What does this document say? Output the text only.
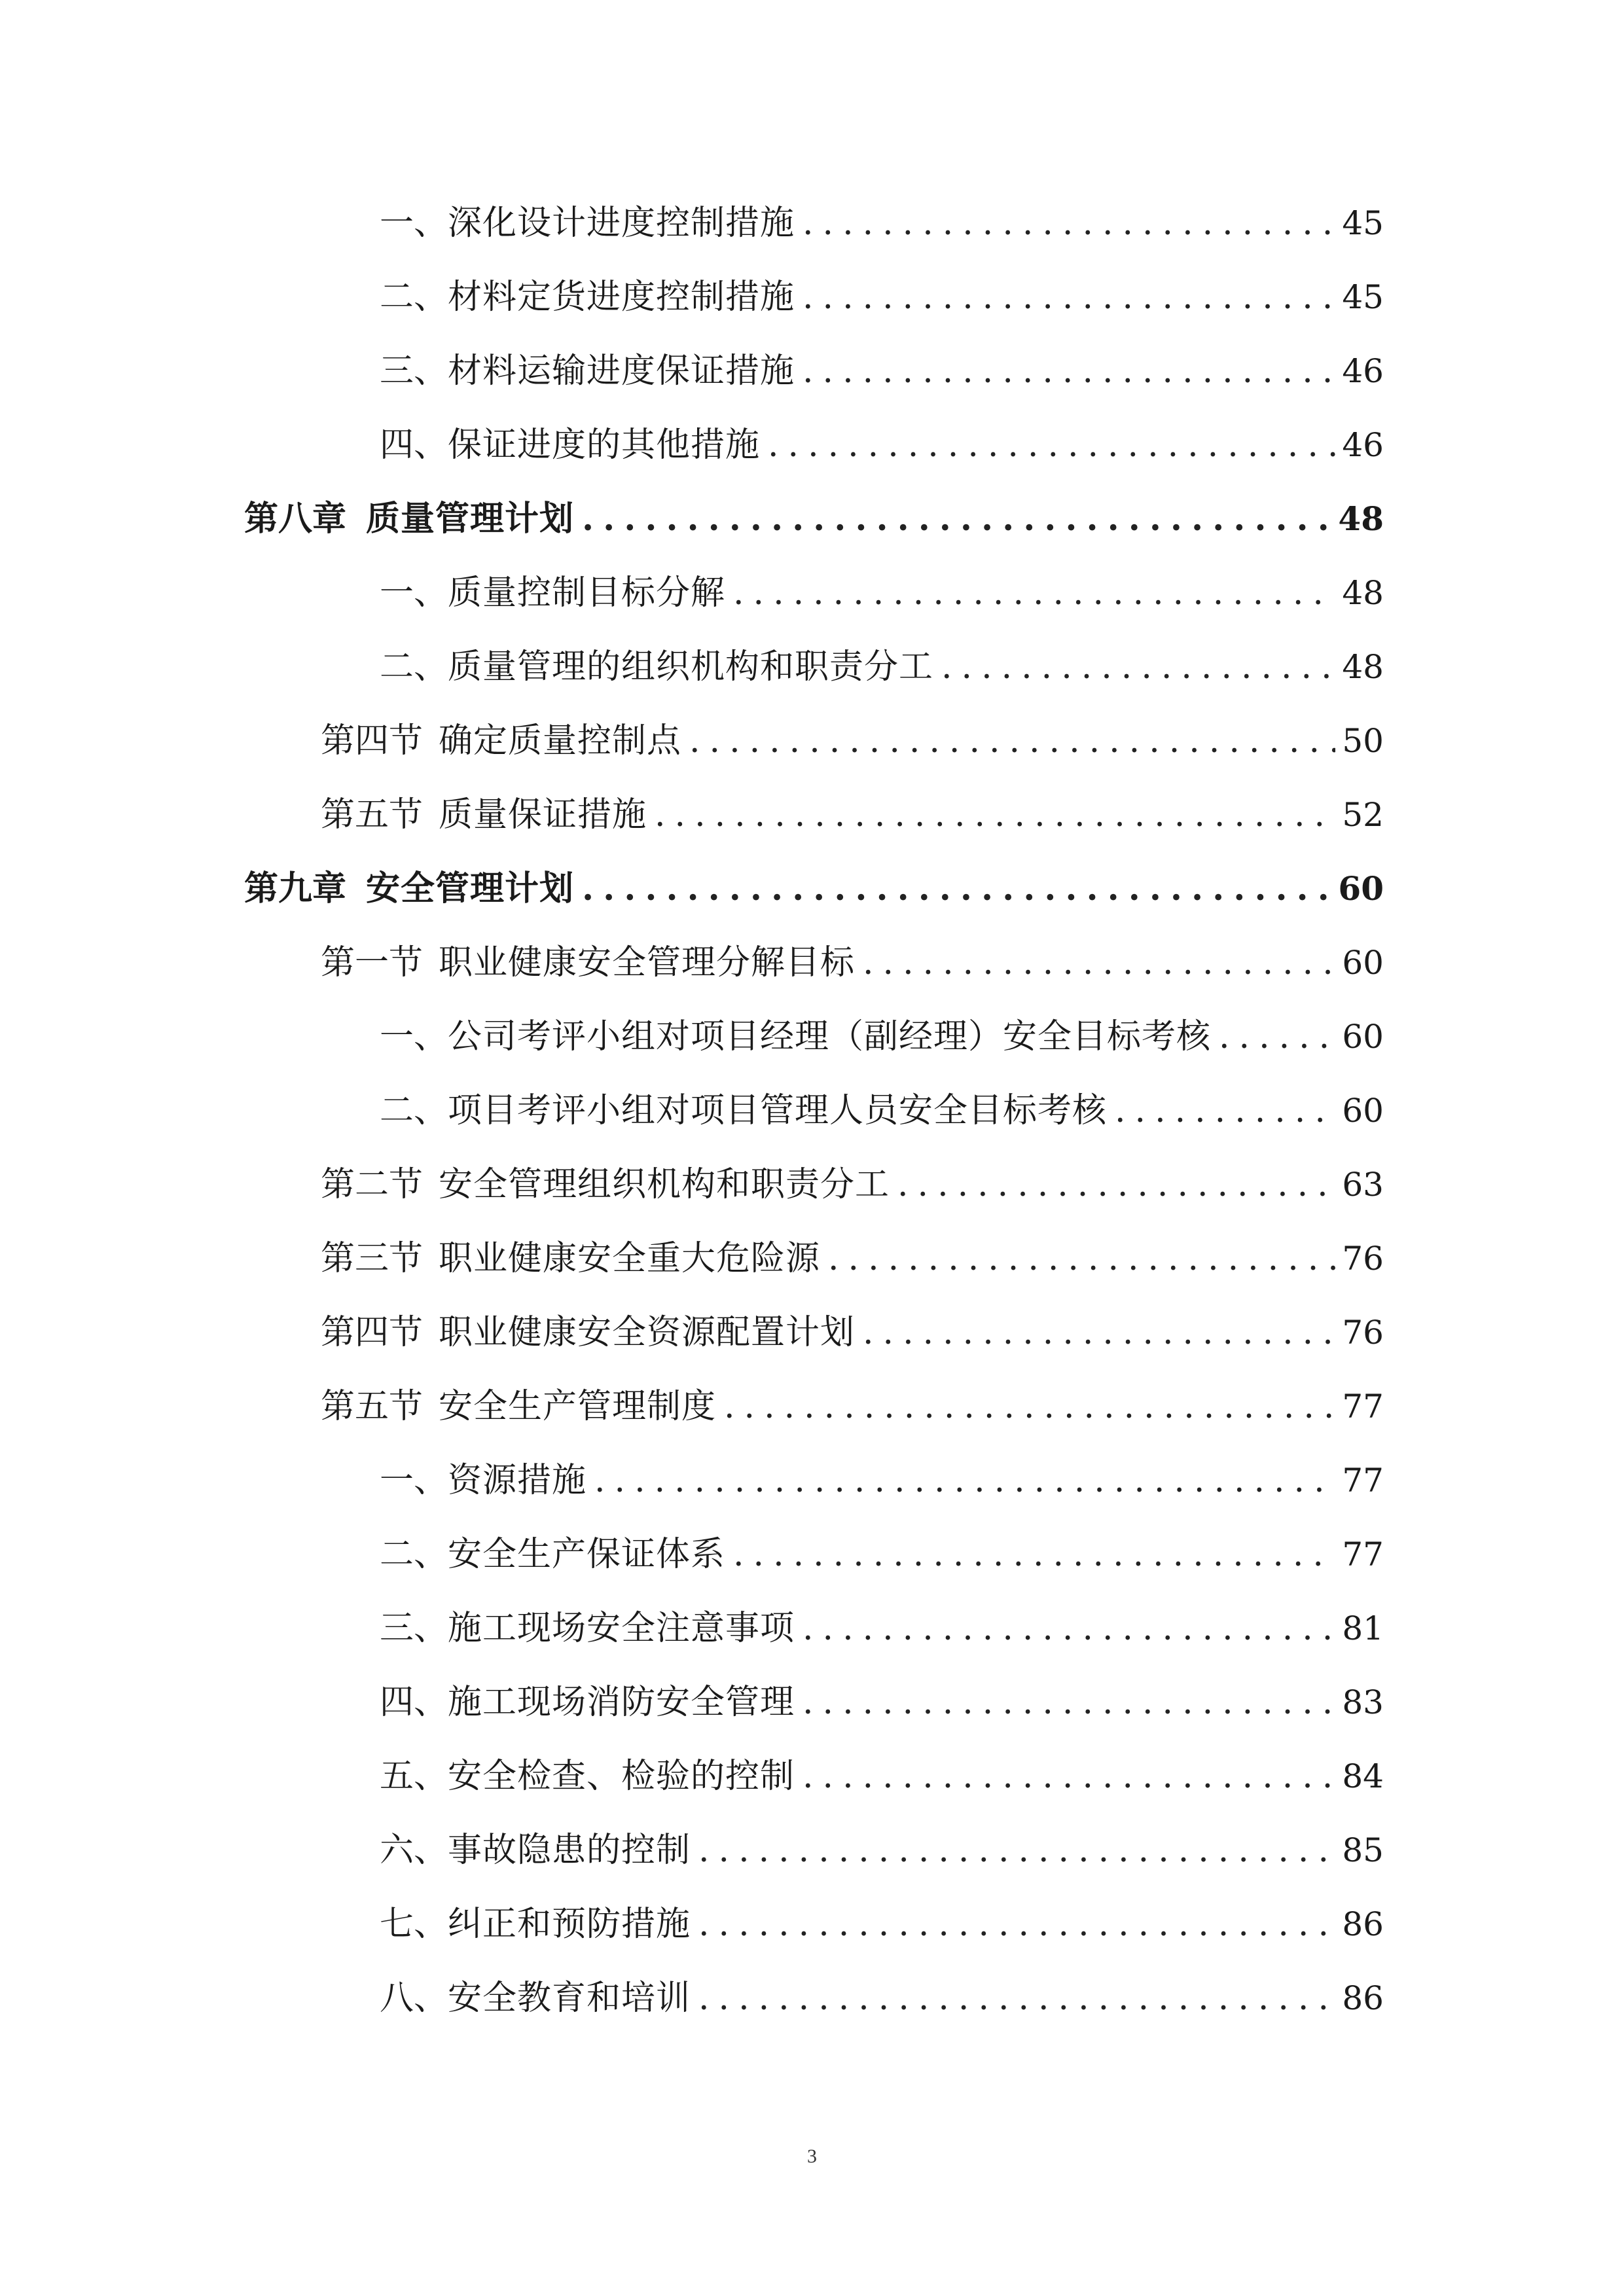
一、 深化设计进度控制措施 .....	45
二、 材料定货进度控制措施 .....	45
三、 材料运输进度保证措施 .....	46
四、 保证进度的其他措施 .....	46
第八章 质量管理计划 .....	48
一、 质量控制目标分解 .....	48
二、 质量管理的组织机构和职责分工 .....	48
第四节 确定质量控制点 .....	50
第五节 质量保证措施 .....	52
第九章 安全管理计划 .....	60
第一节 职业健康安全管理分解目标 .....	60
一、 公司考评小组对项目经理（副经理）安全目标考核 .....	60
二、 项目考评小组对项目管理人员安全目标考核 .....	60
第二节 安全管理组织机构和职责分工 .....	63
第三节 职业健康安全重大危险源 .....	76
第四节 职业健康安全资源配置计划 .....	76
第五节 安全生产管理制度 .....	77
一、 资源措施 .....	77
二、 安全生产保证体系 .....	77
三、 施工现场安全注意事项 .....	81
四、 施工现场消防安全管理 .....	83
五、 安全检查、检验的控制 .....	84
六、 事故隐患的控制 .....	85
七、 纠正和预防措施 .....	86
八、 安全教育和培训 .....	86
3
